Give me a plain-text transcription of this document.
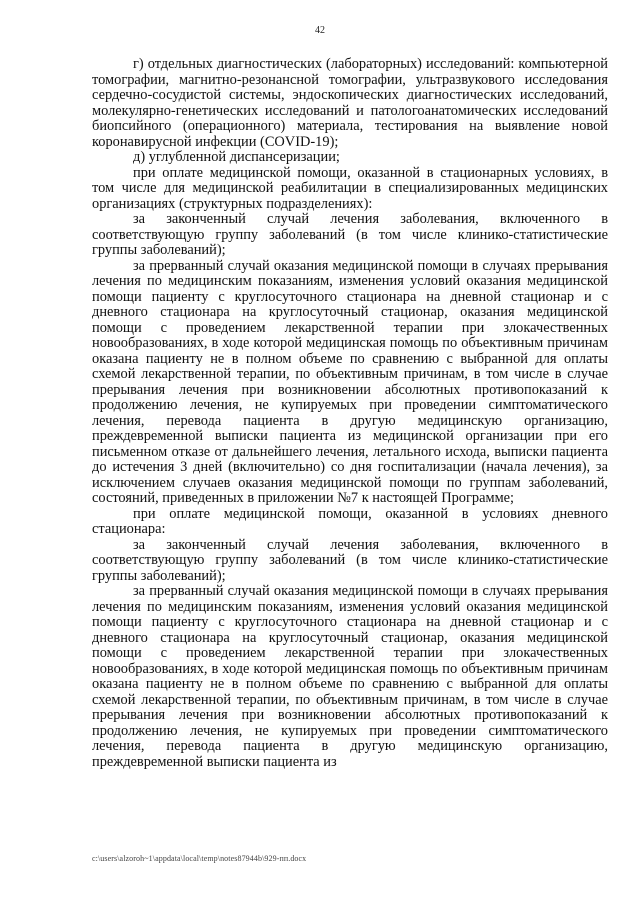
42

г) отдельных диагностических (лабораторных) исследований: компьютерной томографии, магнитно-резонансной томографии, ультразвукового исследования сердечно-сосудистой системы, эндоскопических диагностических исследований, молекулярно-генетических исследований и патологоанатомических исследований биопсийного (операционного) материала, тестирования на выявление новой коронавирусной инфекции (COVID-19);

д) углубленной диспансеризации;

при оплате медицинской помощи, оказанной в стационарных условиях, в том числе для медицинской реабилитации в специализированных медицинских организациях (структурных подразделениях):

за законченный случай лечения заболевания, включенного в соответствующую группу заболеваний (в том числе клинико-статистические группы заболеваний);

за прерванный случай оказания медицинской помощи в случаях прерывания лечения по медицинским показаниям, изменения условий оказания медицинской помощи пациенту с круглосуточного стационара на дневной стационар и с дневного стационара на круглосуточный стационар, оказания медицинской помощи с проведением лекарственной терапии при злокачественных новообразованиях, в ходе которой медицинская помощь по объективным причинам оказана пациенту не в полном объеме по сравнению с выбранной для оплаты схемой лекарственной терапии, по объективным причинам, в том числе в случае прерывания лечения при возникновении абсолютных противопоказаний к продолжению лечения, не купируемых при проведении симптоматического лечения, перевода пациента в другую медицинскую организацию, преждевременной выписки пациента из медицинской организации при его письменном отказе от дальнейшего лечения, летального исхода, выписки пациента до истечения 3 дней (включительно) со дня госпитализации (начала лечения), за исключением случаев оказания медицинской помощи по группам заболеваний, состояний, приведенных в приложении №7 к настоящей Программе;

при оплате медицинской помощи, оказанной в условиях дневного стационара:

за законченный случай лечения заболевания, включенного в соответствующую группу заболеваний (в том числе клинико-статистические группы заболеваний);

за прерванный случай оказания медицинской помощи в случаях прерывания лечения по медицинским показаниям, изменения условий оказания медицинской помощи пациенту с круглосуточного стационара на дневной стационар и с дневного стационара на круглосуточный стационар, оказания медицинской помощи с проведением лекарственной терапии при злокачественных новообразованиях, в ходе которой медицинская помощь по объективным причинам оказана пациенту не в полном объеме по сравнению с выбранной для оплаты схемой лекарственной терапии, по объективным причинам, в том числе в случае прерывания лечения при возникновении абсолютных противопоказаний к продолжению лечения, не купируемых при проведении симптоматического лечения, перевода пациента в другую медицинскую организацию, преждевременной выписки пациента из

c:\users\alzoroh~1\appdata\local\temp\notes87944b\929-пп.docx
